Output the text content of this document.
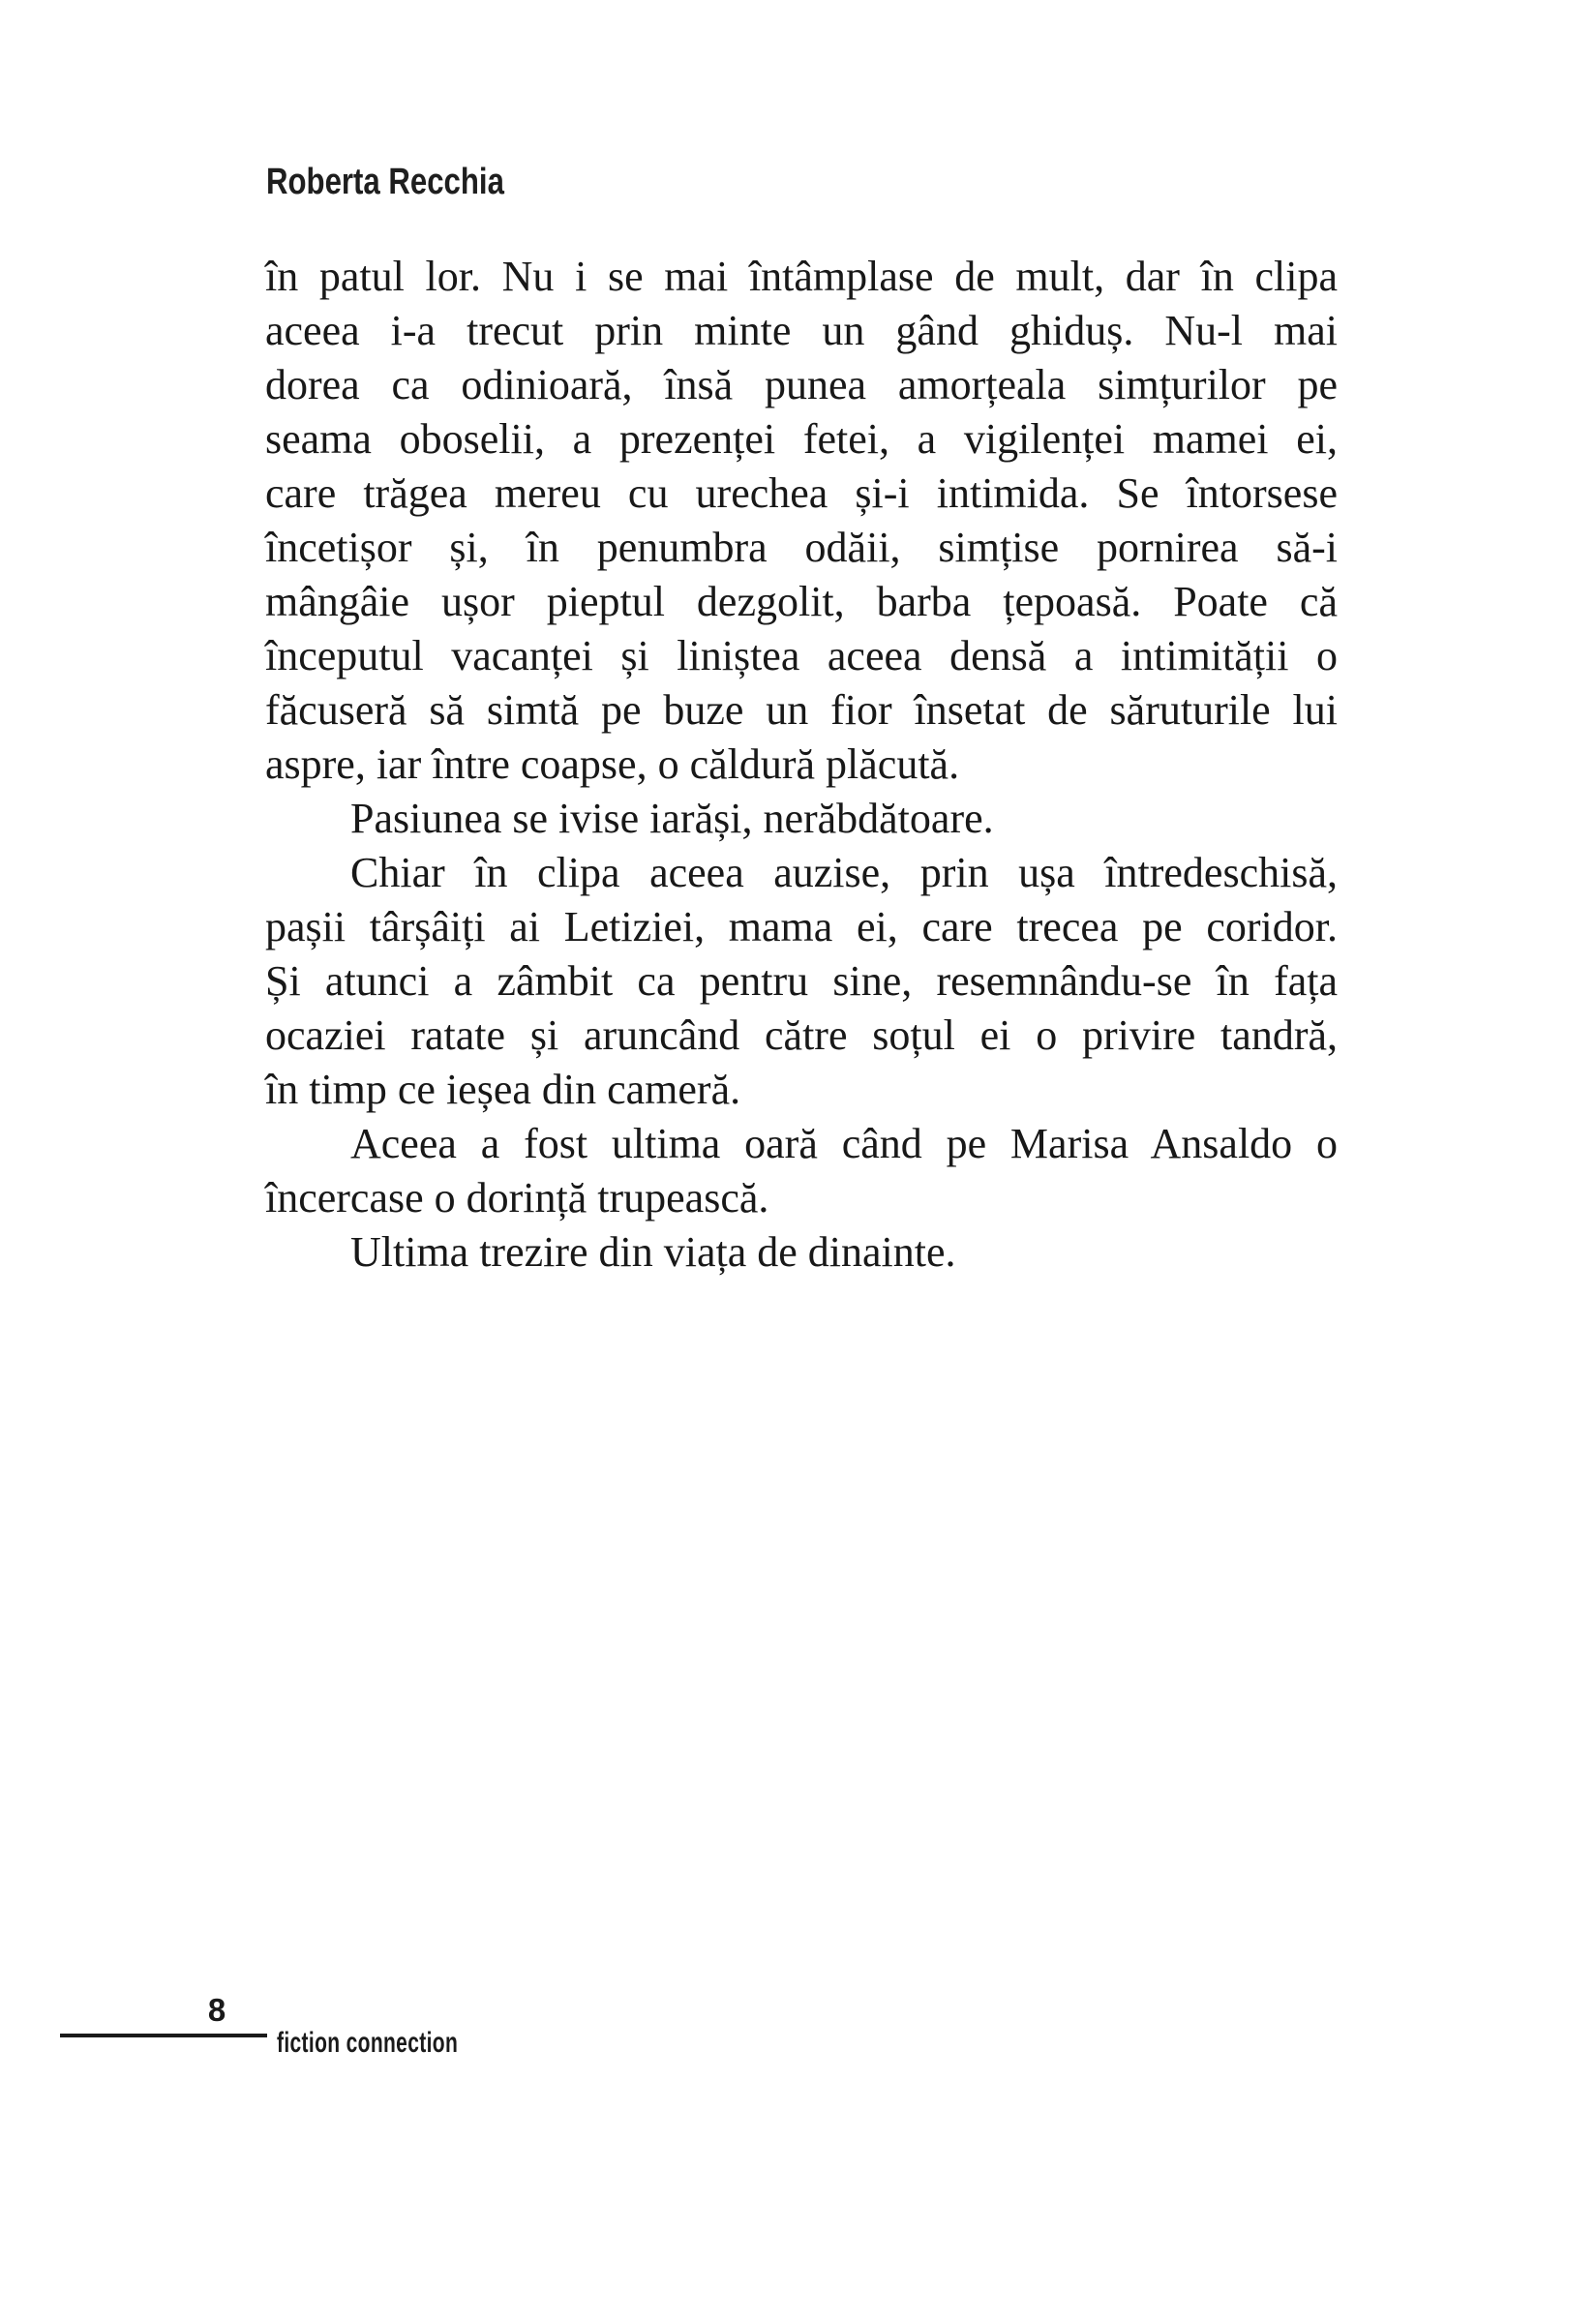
Roberta Recchia
în patul lor. Nu i se mai întâmplase de mult, dar în clipa
aceea i-a trecut prin minte un gând ghiduș. Nu-l mai
dorea ca odinioară, însă punea amorțeala simțurilor pe
seama oboselii, a prezenței fetei, a vigilenței mamei ei,
care trăgea mereu cu urechea și-i intimida. Se întorsese
încetișor și, în penumbra odăii, simțise pornirea să-i
mângâie ușor pieptul dezgolit, barba țepoasă. Poate că
începutul vacanței și liniștea aceea densă a intimității o
făcuseră să simtă pe buze un fior însetat de săruturile lui
aspre, iar între coapse, o căldură plăcută.
Pasiunea se ivise iarăși, nerăbdătoare.
Chiar în clipa aceea auzise, prin ușa întredeschisă,
pașii târșâiți ai Letiziei, mama ei, care trecea pe coridor.
Și atunci a zâmbit ca pentru sine, resemnându-se în fața
ocaziei ratate și aruncând către soțul ei o privire tandră,
în timp ce ieșea din cameră.
Aceea a fost ultima oară când pe Marisa Ansaldo o
încercase o dorință trupească.
Ultima trezire din viața de dinainte.
8
fiction connection
